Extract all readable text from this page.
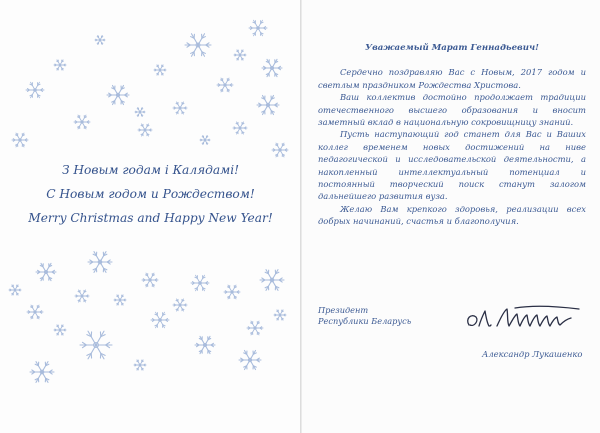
З Новым годам і Калядамі!
С Новым годом и Рождеством!
Merry Christmas and Happy New Year!
Уважаемый Марат Геннадьевич!

Сердечно поздравляю Вас с Новым, 2017 годом и светлым праздником Рождества Христова.

Ваш коллектив достойно продолжает традиции отечественного высшего образования и вносит заметный вклад в национальную сокровищницу знаний.

Пусть наступающий год станет для Вас и Ваших коллег временем новых достижений на ниве педагогической и исследовательской деятельности, а накопленный интеллектуальный потенциал и постоянный творческий поиск станут залогом дальнейшего развития вуза.

Желаю Вам крепкого здоровья, реализации всех добрых начинаний, счастья и благополучия.

Президент
Республики Беларусь
Александр Лукашенко
